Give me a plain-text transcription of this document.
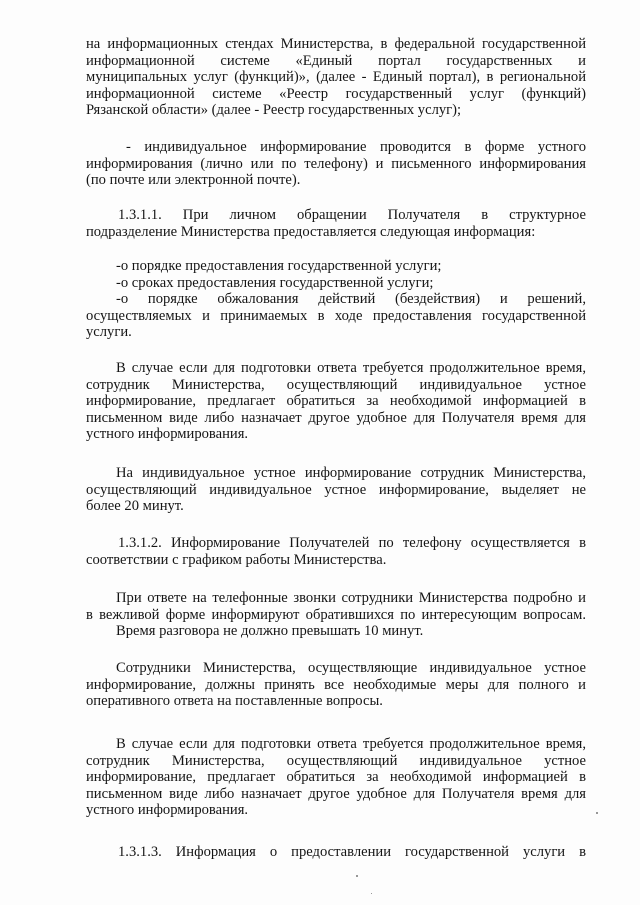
на информационных стендах Министерства, в федеральной государственной
информационной системе «Единый портал государственных и
муниципальных услуг (функций)», (далее - Единый портал), в региональной
информационной системе «Реестр государственный услуг (функций)
Рязанской области» (далее - Реестр государственных услуг);

- индивидуальное информирование проводится в форме устного
информирования (лично или по телефону) и письменного информирования
(по почте или электронной почте).

1.3.1.1. При личном обращении Получателя в структурное
подразделение Министерства предоставляется следующая информация:

-о порядке предоставления государственной услуги;
-о сроках предоставления государственной услуги;
-о порядке обжалования действий (бездействия) и решений,
осуществляемых и принимаемых в ходе предоставления государственной
услуги.

В случае если для подготовки ответа требуется продолжительное время,
сотрудник Министерства, осуществляющий индивидуальное устное
информирование, предлагает обратиться за необходимой информацией в
письменном виде либо назначает другое удобное для Получателя время для
устного информирования.

На индивидуальное устное информирование сотрудник Министерства,
осуществляющий индивидуальное устное информирование, выделяет не
более 20 минут.

1.3.1.2. Информирование Получателей по телефону осуществляется в
соответствии с графиком работы Министерства.

При ответе на телефонные звонки сотрудники Министерства подробно и
в вежливой форме информируют обратившихся по интересующим вопросам.
Время разговора не должно превышать 10 минут.

Сотрудники Министерства, осуществляющие индивидуальное устное
информирование, должны принять все необходимые меры для полного и
оперативного ответа на поставленные вопросы.

В случае если для подготовки ответа требуется продолжительное время,
сотрудник Министерства, осуществляющий индивидуальное устное
информирование, предлагает обратиться за необходимой информацией в
письменном виде либо назначает другое удобное для Получателя время для
устного информирования.

1.3.1.3. Информация о предоставлении государственной услуги в
